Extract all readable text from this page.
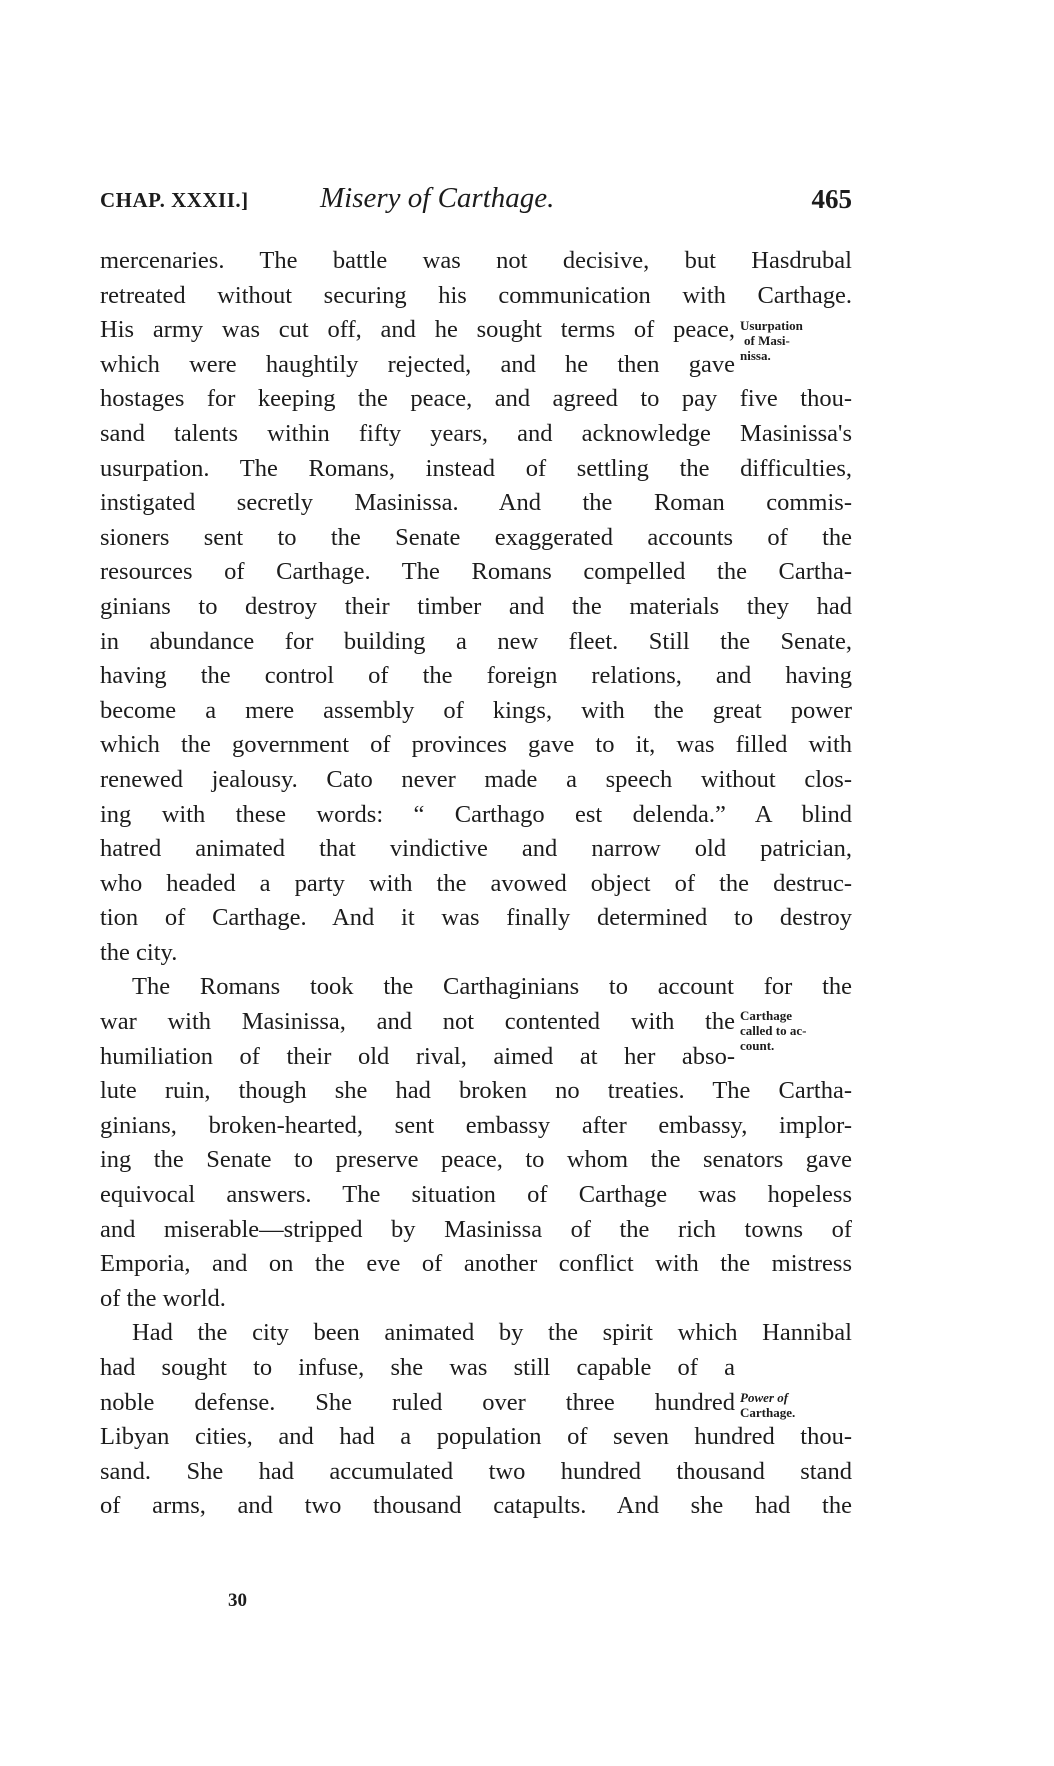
CHAP. XXXII.] Misery of Carthage.	465
mercenaries. The battle was not decisive, but Hasdrubal
retreated without securing his communication with Carthage.
His army was cut off, and he sought terms of peace,
which were haughtily rejected, and he then gave
hostages for keeping the peace, and agreed to pay five thou-
sand talents within fifty years, and acknowledge Masinissa's
usurpation. The Romans, instead of settling the difficulties,
instigated secretly Masinissa. And the Roman commis-
sioners sent to the Senate exaggerated accounts of the
resources of Carthage. The Romans compelled the Cartha-
ginians to destroy their timber and the materials they had
in abundance for building a new fleet. Still the Senate,
having the control of the foreign relations, and having
become a mere assembly of kings, with the great power
which the government of provinces gave to it, was filled with
renewed jealousy. Cato never made a speech without clos-
ing with these words: “ Carthago est delenda.” A blind
hatred animated that vindictive and narrow old patrician,
who headed a party with the avowed object of the destruc-
tion of Carthage. And it was finally determined to destroy
the city.
The Romans took the Carthaginians to account for the
war with Masinissa, and not contented with the
humiliation of their old rival, aimed at her abso-
lute ruin, though she had broken no treaties. The Cartha-
ginians, broken-hearted, sent embassy after embassy, implor-
ing the Senate to preserve peace, to whom the senators gave
equivocal answers. The situation of Carthage was hopeless
and miserable—stripped by Masinissa of the rich towns of
Emporia, and on the eve of another conflict with the mistress
of the world.
Had the city been animated by the spirit which Hannibal
had sought to infuse, she was still capable of a
noble defense. She ruled over three hundred
Libyan cities, and had a population of seven hundred thou-
sand. She had accumulated two hundred thousand stand
of arms, and two thousand catapults. And she had the
Usurpation
of Masi-
nissa.
Carthage
called to ac-
count.
Power of
Carthage.
30
